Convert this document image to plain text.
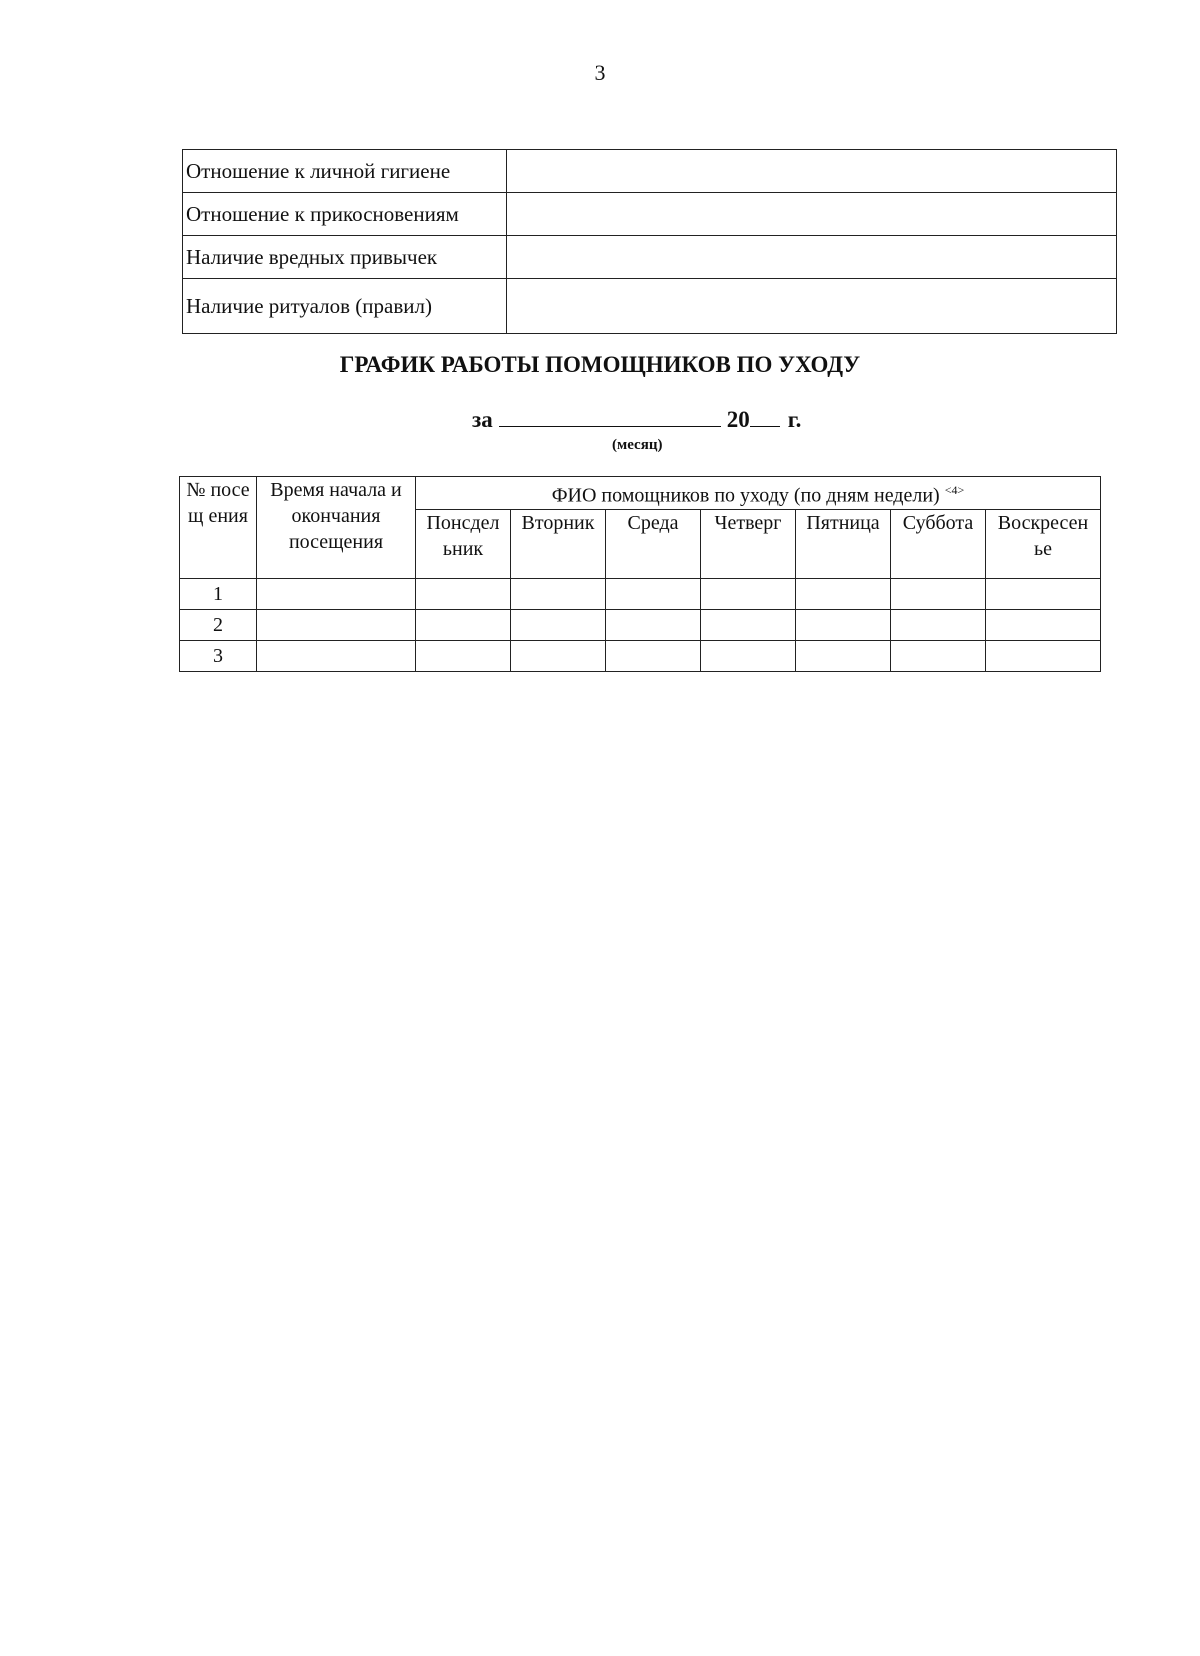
3
Отношение к личной гигиене	
Отношение к прикосновениям	
Наличие вредных привычек	
Наличие ритуалов (правил)	
ГРАФИК РАБОТЫ ПОМОЩНИКОВ ПО УХОДУ
за	20 г.
(месяц)
№ посещ ения	Время начала и окончания посещения	ФИО помощников по уходу (по дням недели) $^{<4>}$

		Понсдел ьник	Вторник	Среда	Четверг	Пятница	Суббота	Воскресен ье

1								
2								
3								
